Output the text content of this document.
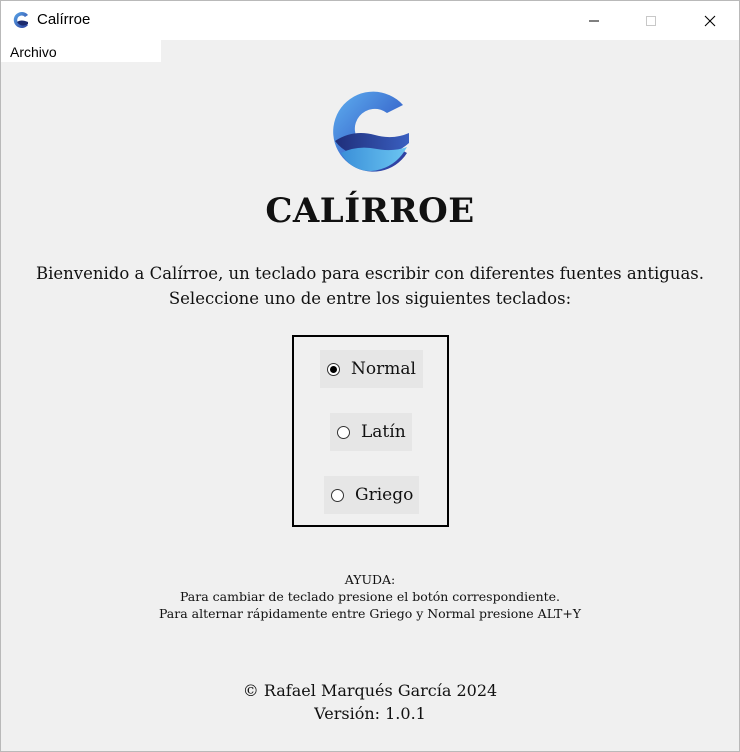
Calírroe
Archivo
CALÍRROE
Bienvenido a Calírroe, un teclado para escribir con diferentes fuentes antiguas.
Seleccione uno de entre los siguientes teclados:
Normal
Latín
Griego
AYUDA:
Para cambiar de teclado presione el botón correspondiente.
Para alternar rápidamente entre Griego y Normal presione ALT+Y
© Rafael Marqués García 2024
Versión: 1.0.1
